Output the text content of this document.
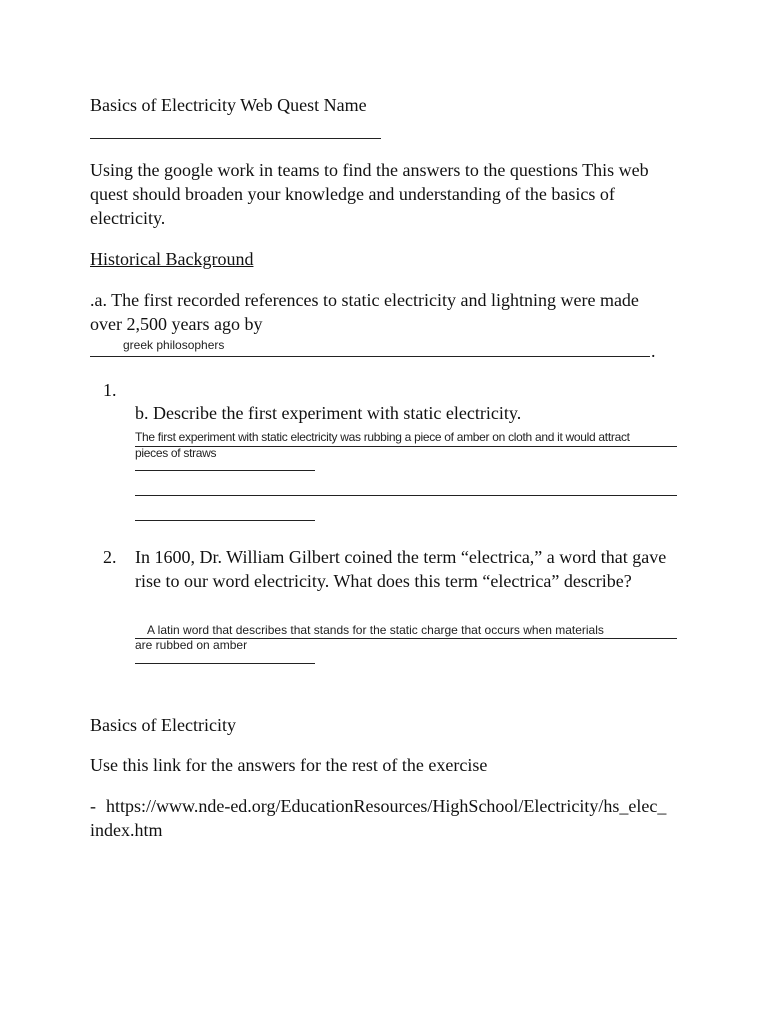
Basics of Electricity Web Quest Name
Using the google work in teams to find the answers to the questions This web quest should broaden your knowledge and understanding of the basics of electricity.
Historical Background
.a. The first recorded references to static electricity and lightning were made over 2,500 years ago by
greek philosophers	.
1.
b. Describe the first experiment with static electricity.
The first experiment with static electricity was rubbing a piece of amber on cloth and it would attract
pieces of straws
2. In 1600, Dr. William Gilbert coined the term “electrica,” a word that gave rise to our word electricity. What does this term “electrica” describe?
A latin word that describes that stands for the static charge that occurs when materials
are rubbed on amber
Basics of Electricity
Use this link for the answers for the rest of the exercise
- https://www.nde-ed.org/EducationResources/HighSchool/Electricity/hs_elec_index.htm
